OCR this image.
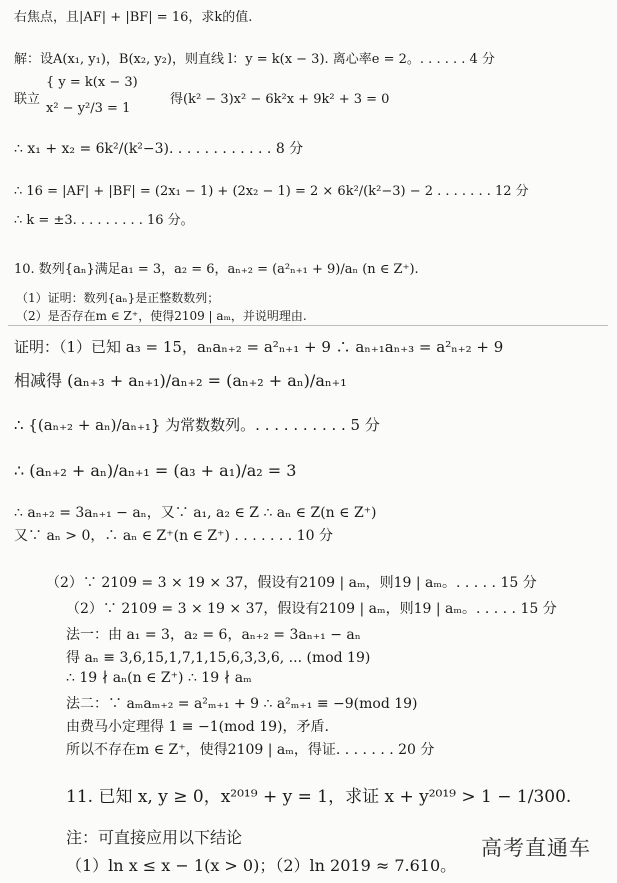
右焦点，且|AF| + |BF| = 16，求k的值.
解：设A(x₁, y₁)，B(x₂, y₂)，则直线 l：y = k(x − 3). 离心率e = 2。. . . . . . 4 分
{ y = k(x − 3)
联立
x² − y²/3 = 1
得(k² − 3)x² − 6k²x + 9k² + 3 = 0
∴ x₁ + x₂ = 6k²/(k²−3). . . . . . . . . . . . 8 分
∴ 16 = |AF| + |BF| = (2x₁ − 1) + (2x₂ − 1) = 2 × 6k²/(k²−3) − 2 . . . . . . . 12 分
∴ k = ±3. . . . . . . . . 16 分。
10. 数列{aₙ}满足a₁ = 3，a₂ = 6，aₙ₊₂ = (a²ₙ₊₁ + 9)/aₙ (n ∈ Z⁺).
（1）证明：数列{aₙ}是正整数数列；
（2）是否存在m ∈ Z⁺，使得2109 | aₘ，并说明理由.
证明：（1）已知 a₃ = 15，aₙaₙ₊₂ = a²ₙ₊₁ + 9 ∴ aₙ₊₁aₙ₊₃ = a²ₙ₊₂ + 9
相减得 (aₙ₊₃ + aₙ₊₁)/aₙ₊₂ = (aₙ₊₂ + aₙ)/aₙ₊₁
∴ {(aₙ₊₂ + aₙ)/aₙ₊₁} 为常数数列。. . . . . . . . . . 5 分
∴ (aₙ₊₂ + aₙ)/aₙ₊₁ = (a₃ + a₁)/a₂ = 3
∴ aₙ₊₂ = 3aₙ₊₁ − aₙ，又∵ a₁, a₂ ∈ Z ∴ aₙ ∈ Z(n ∈ Z⁺)
又∵ aₙ > 0，∴ aₙ ∈ Z⁺(n ∈ Z⁺) . . . . . . . 10 分
（2）∵ 2109 = 3 × 19 × 37，假设有2109 | aₘ，则19 | aₘ。. . . . . 15 分
（2）∵ 2109 = 3 × 19 × 37，假设有2109 | aₘ，则19 | aₘ。. . . . . 15 分
法一：由 a₁ = 3，a₂ = 6，aₙ₊₂ = 3aₙ₊₁ − aₙ
得 aₙ ≡ 3,6,15,1,7,1,15,6,3,3,6, ... (mod 19)
∴ 19 ∤ aₙ(n ∈ Z⁺) ∴ 19 ∤ aₘ
法二：∵ aₘaₘ₊₂ = a²ₘ₊₁ + 9 ∴ a²ₘ₊₁ ≡ −9(mod 19)
由费马小定理得 1 ≡ −1(mod 19)，矛盾.
所以不存在m ∈ Z⁺，使得2109 | aₘ，得证. . . . . . . 20 分
11. 已知 x, y ≥ 0，x²⁰¹⁹ + y = 1，求证 x + y²⁰¹⁹ > 1 − 1/300.
注：可直接应用以下结论
（1）ln x ≤ x − 1(x > 0)；（2）ln 2019 ≈ 7.610。
高考直通车
